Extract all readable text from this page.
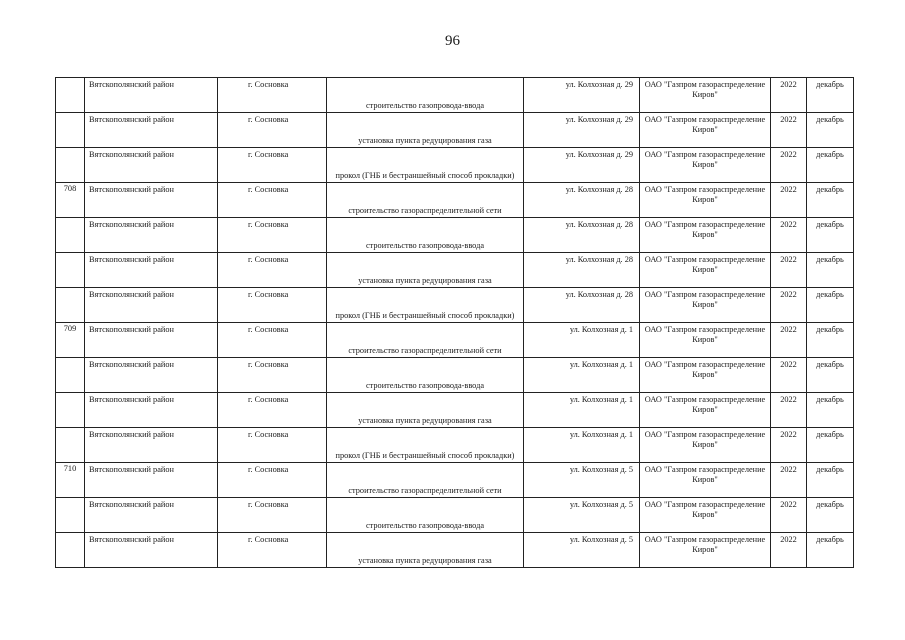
96
	Вятскополянский район	г. Сосновка	строительство газопровода-ввода	ул. Колхозная д. 29	ОАО "Газпром газораспределение Киров"	2022	декабрь
	Вятскополянский район	г. Сосновка	установка пункта редуцирования газа	ул. Колхозная д. 29	ОАО "Газпром газораспределение Киров"	2022	декабрь
	Вятскополянский район	г. Сосновка	прокол (ГНБ и бестраншейный способ прокладки)	ул. Колхозная д. 29	ОАО "Газпром газораспределение Киров"	2022	декабрь
708	Вятскополянский район	г. Сосновка	строительство газораспределительной сети	ул. Колхозная д. 28	ОАО "Газпром газораспределение Киров"	2022	декабрь
	Вятскополянский район	г. Сосновка	строительство газопровода-ввода	ул. Колхозная д. 28	ОАО "Газпром газораспределение Киров"	2022	декабрь
	Вятскополянский район	г. Сосновка	установка пункта редуцирования газа	ул. Колхозная д. 28	ОАО "Газпром газораспределение Киров"	2022	декабрь
	Вятскополянский район	г. Сосновка	прокол (ГНБ и бестраншейный способ прокладки)	ул. Колхозная д. 28	ОАО "Газпром газораспределение Киров"	2022	декабрь
709	Вятскополянский район	г. Сосновка	строительство газораспределительной сети	ул. Колхозная д. 1	ОАО "Газпром газораспределение Киров"	2022	декабрь
	Вятскополянский район	г. Сосновка	строительство газопровода-ввода	ул. Колхозная д. 1	ОАО "Газпром газораспределение Киров"	2022	декабрь
	Вятскополянский район	г. Сосновка	установка пункта редуцирования газа	ул. Колхозная д. 1	ОАО "Газпром газораспределение Киров"	2022	декабрь
	Вятскополянский район	г. Сосновка	прокол (ГНБ и бестраншейный способ прокладки)	ул. Колхозная д. 1	ОАО "Газпром газораспределение Киров"	2022	декабрь
710	Вятскополянский район	г. Сосновка	строительство газораспределительной сети	ул. Колхозная д. 5	ОАО "Газпром газораспределение Киров"	2022	декабрь
	Вятскополянский район	г. Сосновка	строительство газопровода-ввода	ул. Колхозная д. 5	ОАО "Газпром газораспределение Киров"	2022	декабрь
	Вятскополянский район	г. Сосновка	установка пункта редуцирования газа	ул. Колхозная д. 5	ОАО "Газпром газораспределение Киров"	2022	декабрь
